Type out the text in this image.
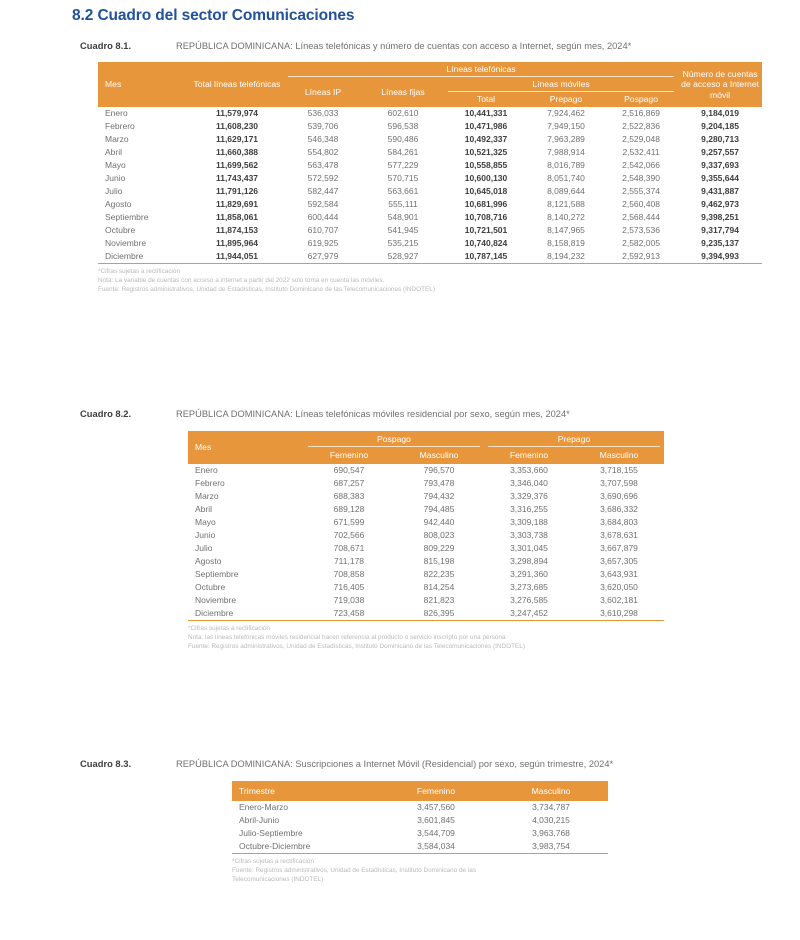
8.2 Cuadro del sector Comunicaciones
Cuadro 8.1.	REPÚBLICA DOMINICANA: Líneas telefónicas y número de cuentas con acceso a Internet, según mes, 2024*
Mes	Total líneas telefónicas	Líneas telefónicas					Número de cuentas de acceso a Internet móvil
		Líneas IP	Líneas fijas	Líneas móviles			

				Total	Prepago	Pospago	
Enero	11,579,974	536,033	602,610	10,441,331	7,924,462	2,516,869	9,184,019
Febrero	11,608,230	539,706	596,538	10,471,986	7,949,150	2,522,836	9,204,185
Marzo	11,629,171	546,348	590,486	10,492,337	7,963,289	2,529,048	9,280,713
Abril	11,660,388	554,802	584,261	10,521,325	7,988,914	2,532,411	9,257,557
Mayo	11,699,562	563,478	577,229	10,558,855	8,016,789	2,542,066	9,337,693
Junio	11,743,437	572,592	570,715	10,600,130	8,051,740	2,548,390	9,355,644
Julio	11,791,126	582,447	563,661	10,645,018	8,089,644	2,555,374	9,431,887
Agosto	11,829,691	592,584	555,111	10,681,996	8,121,588	2,560,408	9,462,973
Septiembre	11,858,061	600,444	548,901	10,708,716	8,140,272	2,568,444	9,398,251
Octubre	11,874,153	610,707	541,945	10,721,501	8,147,965	2,573,536	9,317,794
Noviembre	11,895,964	619,925	535,215	10,740,824	8,158,819	2,582,005	9,235,137
Diciembre	11,944,051	627,979	528,927	10,787,145	8,194,232	2,592,913	9,394,993
*Cifras sujetas a rectificación
Nota: La variable de cuentas con acceso a internet a partir del 2022 solo toma en cuenta las móviles.
Fuente: Registros administrativos, Unidad de Estadísticas, Instituto Dominicano de las Telecomunicaciones (INDOTEL)
Cuadro 8.2.	REPÚBLICA DOMINICANA: Líneas telefónicas móviles residencial por sexo, según mes, 2024*
Mes	Pospago		Prepago	

	Femenino	Masculino	Femenino	Masculino
Enero	690,547	796,570	3,353,660	3,718,155
Febrero	687,257	793,478	3,346,040	3,707,598
Marzo	688,383	794,432	3,329,376	3,690,696
Abril	689,128	794,485	3,316,255	3,686,332
Mayo	671,599	942,440	3,309,188	3,684,803
Junio	702,566	808,023	3,303,738	3,678,631
Julio	708,671	809,229	3,301,045	3,667,879
Agosto	711,178	815,198	3,298,894	3,657,305
Septiembre	708,858	822,235	3,291,360	3,643,931
Octubre	716,405	814,254	3,273,685	3,620,050
Noviembre	719,038	821,823	3,276,585	3,602,181
Diciembre	723,458	826,395	3,247,452	3,610,298
*Cifras sujetas a rectificación
Nota: las líneas telefónicas móviles residencial hacen referencia al producto o servicio inscripto por una persona
Fuente: Registros administrativos, Unidad de Estadísticas, Instituto Dominicano de las Telecomunicaciones (INDOTEL)
Cuadro 8.3.	REPÚBLICA DOMINICANA: Suscripciones a Internet Móvil (Residencial) por sexo, según trimestre, 2024*
Trimestre	Femenino	Masculino
Enero-Marzo	3,457,560	3,734,787
Abril-Junio	3,601,845	4,030,215
Julio-Septiembre	3,544,709	3,963,768
Octubre-Diciembre	3,584,034	3,983,754
*Cifras sujetas a rectificación
Fuente: Registros administrativos, Unidad de Estadísticas, Instituto Dominicano de las
Telecomunicaciones (INDOTEL)
